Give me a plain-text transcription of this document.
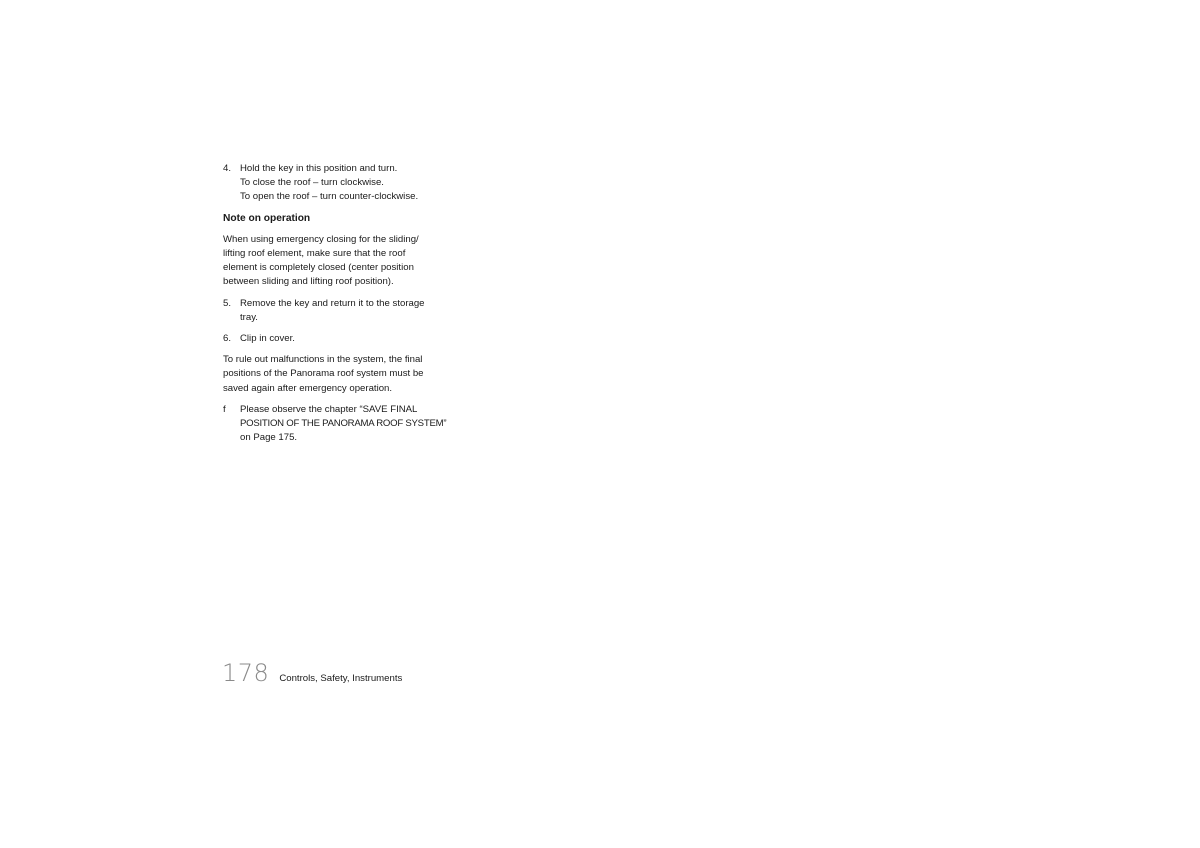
4. Hold the key in this position and turn.
To close the roof – turn clockwise.
To open the roof – turn counter-clockwise.
Note on operation

When using emergency closing for the sliding/
lifting roof element, make sure that the roof
element is completely closed (center position
between sliding and lifting roof position).

5. Remove the key and return it to the storage
tray.
6. Clip in cover.

To rule out malfunctions in the system, the final
positions of the Panorama roof system must be
saved again after emergency operation.

f Please observe the chapter “SAVE FINAL
POSITION OF THE PANORAMA ROOF SYSTEM”
on Page 175.
178 Controls, Safety, Instruments
